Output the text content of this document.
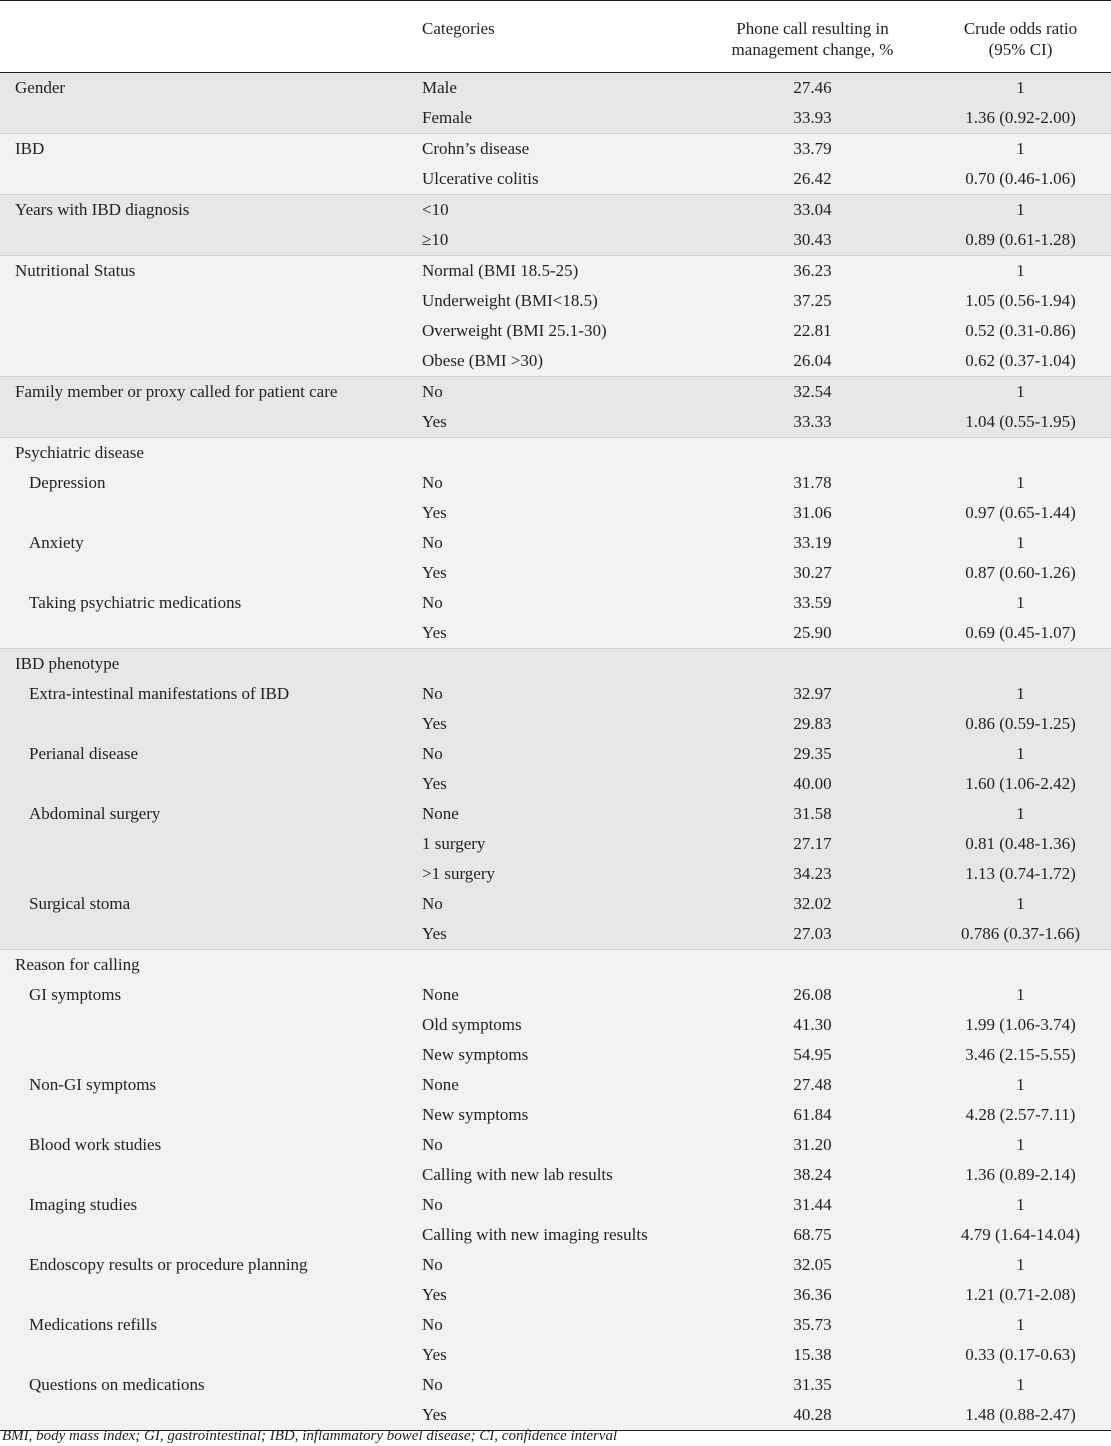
	Categories	Phone call resulting in management change, %	Crude odds ratio (95% CI)
Gender	Male	27.46	1
	Female	33.93	1.36 (0.92-2.00)
IBD	Crohn’s disease	33.79	1
	Ulcerative colitis	26.42	0.70 (0.46-1.06)
Years with IBD diagnosis	<10	33.04	1
	≥10	30.43	0.89 (0.61-1.28)
Nutritional Status	Normal (BMI 18.5-25)	36.23	1
	Underweight (BMI<18.5)	37.25	1.05 (0.56-1.94)
	Overweight (BMI 25.1-30)	22.81	0.52 (0.31-0.86)
	Obese (BMI >30)	26.04	0.62 (0.37-1.04)
Family member or proxy called for patient care	No	32.54	1
	Yes	33.33	1.04 (0.55-1.95)
Psychiatric disease			
Depression	No	31.78	1
	Yes	31.06	0.97 (0.65-1.44)
Anxiety	No	33.19	1
	Yes	30.27	0.87 (0.60-1.26)
Taking psychiatric medications	No	33.59	1
	Yes	25.90	0.69 (0.45-1.07)
IBD phenotype			
Extra-intestinal manifestations of IBD	No	32.97	1
	Yes	29.83	0.86 (0.59-1.25)
Perianal disease	No	29.35	1
	Yes	40.00	1.60 (1.06-2.42)
Abdominal surgery	None	31.58	1
	1 surgery	27.17	0.81 (0.48-1.36)
	>1 surgery	34.23	1.13 (0.74-1.72)
Surgical stoma	No	32.02	1
	Yes	27.03	0.786 (0.37-1.66)
Reason for calling			
GI symptoms	None	26.08	1
	Old symptoms	41.30	1.99 (1.06-3.74)
	New symptoms	54.95	3.46 (2.15-5.55)
Non-GI symptoms	None	27.48	1
	New symptoms	61.84	4.28 (2.57-7.11)
Blood work studies	No	31.20	1
	Calling with new lab results	38.24	1.36 (0.89-2.14)
Imaging studies	No	31.44	1
	Calling with new imaging results	68.75	4.79 (1.64-14.04)
Endoscopy results or procedure planning	No	32.05	1
	Yes	36.36	1.21 (0.71-2.08)
Medications refills	No	35.73	1
	Yes	15.38	0.33 (0.17-0.63)
Questions on medications	No	31.35	1
	Yes	40.28	1.48 (0.88-2.47)
BMI, body mass index; GI, gastrointestinal; IBD, inflammatory bowel disease; CI, confidence interval
